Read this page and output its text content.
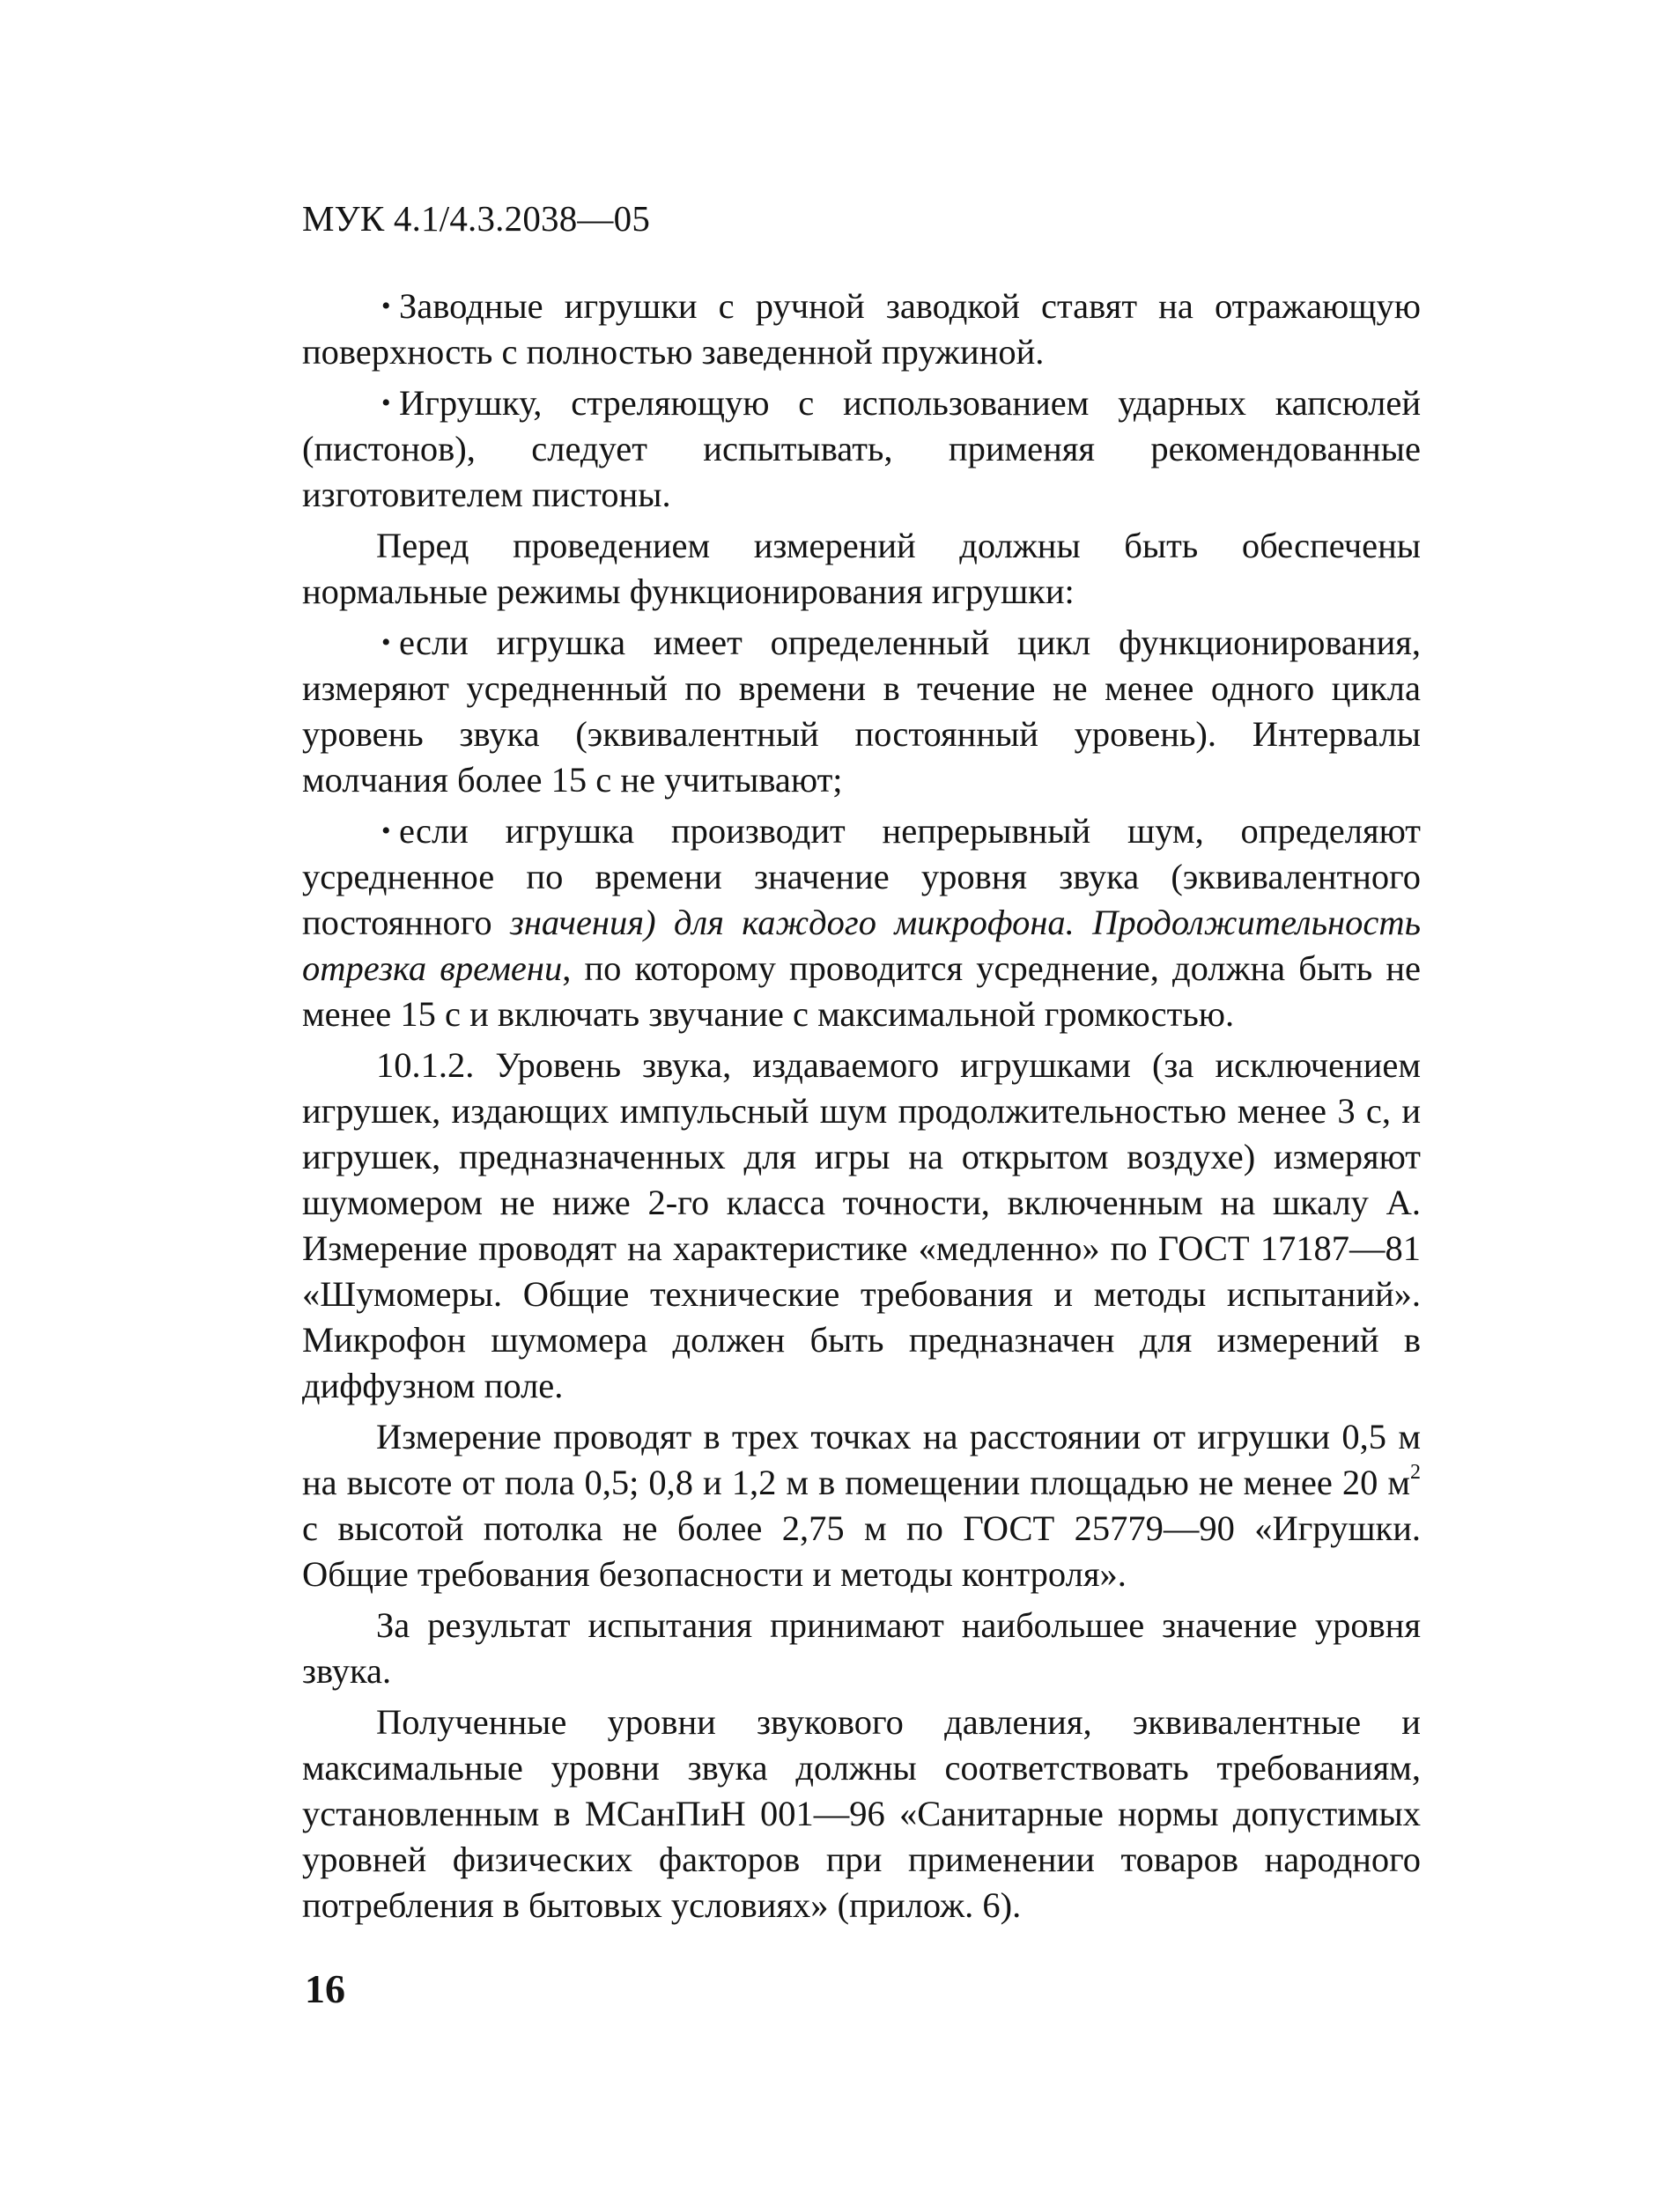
МУК 4.1/4.3.2038—05

• Заводные игрушки с ручной заводкой ставят на отражающую поверхность с полностью заведенной пружиной.

• Игрушку, стреляющую с использованием ударных капсюлей (пистонов), следует испытывать, применяя рекомендованные изготовителем пистоны.

Перед проведением измерений должны быть обеспечены нормальные режимы функционирования игрушки:

• если игрушка имеет определенный цикл функционирования, измеряют усредненный по времени в течение не менее одного цикла уровень звука (эквивалентный постоянный уровень). Интервалы молчания более 15 с не учитывают;

• если игрушка производит непрерывный шум, определяют усредненное по времени значение уровня звука (эквивалентного постоянного значения) для каждого микрофона. Продолжительность отрезка времени, по которому проводится усреднение, должна быть не менее 15 с и включать звучание с максимальной громкостью.

10.1.2. Уровень звука, издаваемого игрушками (за исключением игрушек, издающих импульсный шум продолжительностью менее 3 с, и игрушек, предназначенных для игры на открытом воздухе) измеряют шумомером не ниже 2-го класса точности, включенным на шкалу А. Измерение проводят на характеристике «медленно» по ГОСТ 17187—81 «Шумомеры. Общие технические требования и методы испытаний». Микрофон шумомера должен быть предназначен для измерений в диффузном поле.

Измерение проводят в трех точках на расстоянии от игрушки 0,5 м на высоте от пола 0,5; 0,8 и 1,2 м в помещении площадью не менее 20 $м^2$ с высотой потолка не более 2,75 м по ГОСТ 25779—90 «Игрушки. Общие требования безопасности и методы контроля».

За результат испытания принимают наибольшее значение уровня звука.

Полученные уровни звукового давления, эквивалентные и максимальные уровни звука должны соответствовать требованиям, установленным в МСанПиН 001—96 «Санитарные нормы допустимых уровней физических факторов при применении товаров народного потребления в бытовых условиях» (прилож. 6).

16
